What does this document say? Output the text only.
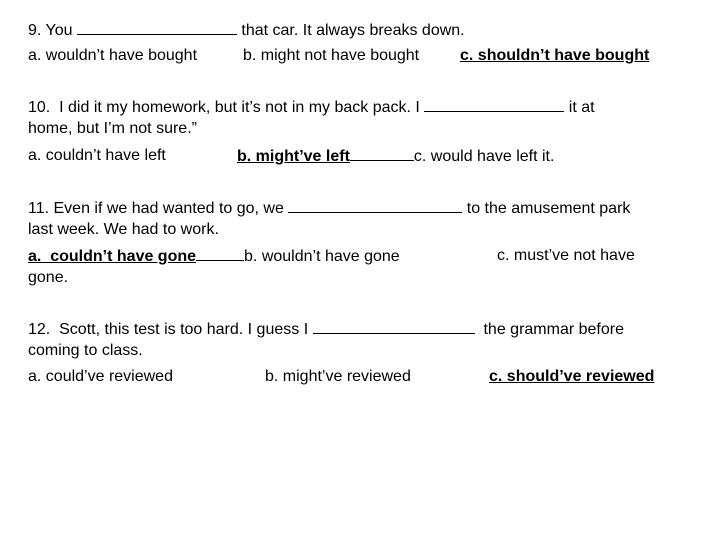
9. You	that car. It always breaks down.
a. wouldn’t have bought	b. might not have bought	c. shouldn’t have bought
10.  I did it my homework, but it’s not in my back pack. I	it at
home, but I’m not sure.”
a. couldn’t have left	b. might’ve left	c. would have left it.
11. Even if we had wanted to go, we	to the amusement park
last week. We had to work.
a.  couldn’t have gone	b. wouldn’t have gone	c. must’ve not have
gone.
12.  Scott, this test is too hard. I guess I	the grammar before
coming to class.
a. could’ve reviewed	b. might’ve reviewed	c. should’ve reviewed
